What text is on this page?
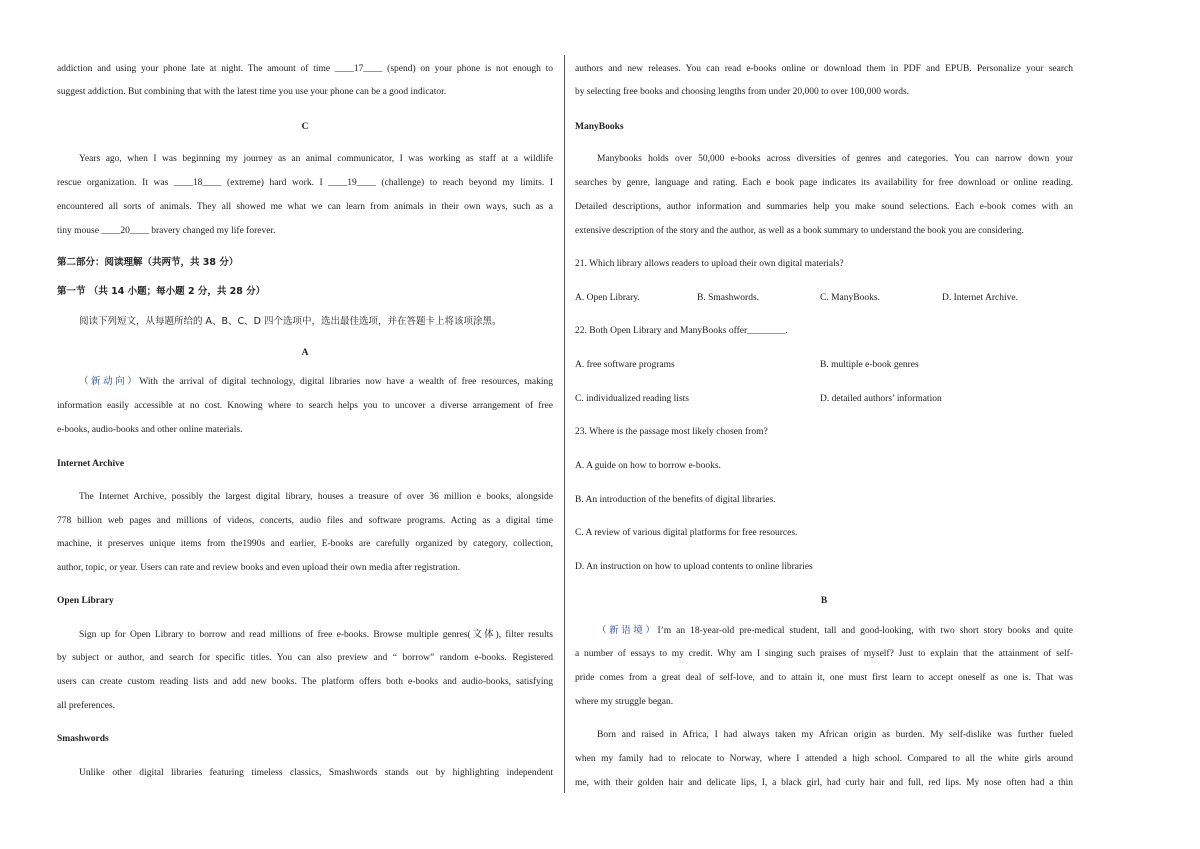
addiction and using your phone late at night. The amount of time ____17____ (spend) on your phone is not enough to
suggest addiction. But combining that with the latest time you use your phone can be a good indicator.
C
Years ago, when I was beginning my journey as an animal communicator, I was working as staff at a wildlife
rescue organization. It was ____18____ (extreme) hard work. I ____19____ (challenge) to reach beyond my limits. I
encountered all sorts of animals. They all showed me what we can learn from animals in their own ways, such as a
tiny mouse ____20____ bravery changed my life forever.
第二部分：阅读理解（共两节，共 38 分）
第一节 （共 14 小题；每小题 2 分，共 28 分）
阅读下列短文，从每题所给的 A、B、C、D 四个选项中，选出最佳选项，并在答题卡上将该项涂黑。
A
（新动向）With the arrival of digital technology, digital libraries now have a wealth of free resources, making
information easily accessible at no cost. Knowing where to search helps you to uncover a diverse arrangement of free
e-books, audio-books and other online materials.
Internet Archive
The Internet Archive, possibly the largest digital library, houses a treasure of over 36 million e books, alongside
778 billion web pages and millions of videos, concerts, audio files and software programs. Acting as a digital time
machine, it preserves unique items from the1990s and earlier, E-books are carefully organized by category, collection,
author, topic, or year. Users can rate and review books and even upload their own media after registration.
Open Library
Sign up for Open Library to borrow and read millions of free e-books. Browse multiple genres(文体), filter results
by subject or author, and search for specific titles. You can also preview and “ borrow” random e-books. Registered
users can create custom reading lists and add new books. The platform offers both e-books and audio-books, satisfying
all preferences.
Smashwords
Unlike other digital libraries featuring timeless classics, Smashwords stands out by highlighting independent
authors and new releases. You can read e-books online or download them in PDF and EPUB. Personalize your search
by selecting free books and choosing lengths from under 20,000 to over 100,000 words.
ManyBooks
Manybooks holds over 50,000 e-books across diversities of genres and categories. You can narrow down your
searches by genre, language and rating. Each e book page indicates its availability for free download or online reading.
Detailed descriptions, author information and summaries help you make sound selections. Each e-book comes with an
extensive description of the story and the author, as well as a book summary to understand the book you are considering.
21. Which library allows readers to upload their own digital materials?
A. Open Library.	B. Smashwords.	C. ManyBooks.	D. Internet Archive.
22. Both Open Library and ManyBooks offer________.
A. free software programs	B. multiple e-book genres
C. individualized reading lists	D. detailed authors’ information
23. Where is the passage most likely chosen from?
A. A guide on how to borrow e-books.
B. An introduction of the benefits of digital libraries.
C. A review of various digital platforms for free resources.
D. An instruction on how to upload contents to online libraries
B
（新语境）I’m an 18-year-old pre-medical student, tall and good-looking, with two short story books and quite
a number of essays to my credit. Why am I singing such praises of myself? Just to explain that the attainment of self-
pride comes from a great deal of self-love, and to attain it, one must first learn to accept oneself as one is. That was
where my struggle began.
Born and raised in Africa, I had always taken my African origin as burden. My self-dislike was further fueled
when my family had to relocate to Norway, where I attended a high school. Compared to all the white girls around
me, with their golden hair and delicate lips, I, a black girl, had curly hair and full, red lips. My nose often had a thin
